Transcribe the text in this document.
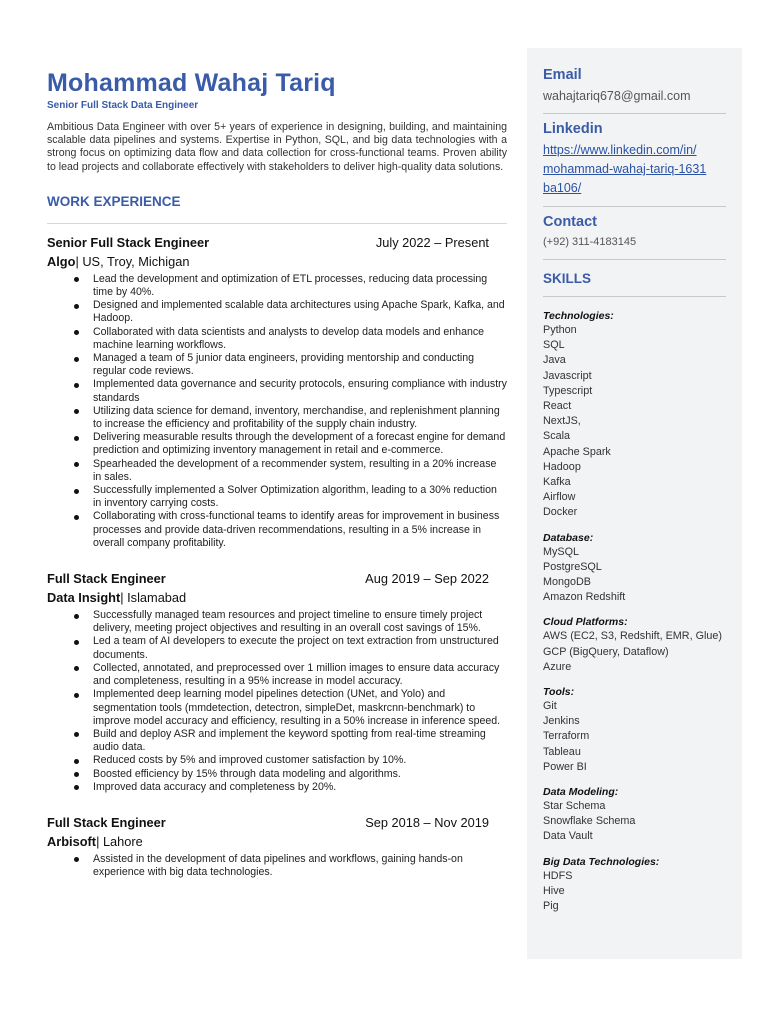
Mohammad Wahaj Tariq
Senior Full Stack Data Engineer
Ambitious Data Engineer with over 5+ years of experience in designing, building, and maintaining scalable data pipelines and systems. Expertise in Python, SQL, and big data technologies with a strong focus on optimizing data flow and data collection for cross-functional teams. Proven ability to lead projects and collaborate effectively with stakeholders to deliver high-quality data solutions.
WORK EXPERIENCE
Senior Full Stack Engineer	July 2022 – Present
Algo| US, Troy, Michigan
Lead the development and optimization of ETL processes, reducing data processing time by 40%.
Designed and implemented scalable data architectures using Apache Spark, Kafka, and Hadoop.
Collaborated with data scientists and analysts to develop data models and enhance machine learning workflows.
Managed a team of 5 junior data engineers, providing mentorship and conducting regular code reviews.
Implemented data governance and security protocols, ensuring compliance with industry standards
Utilizing data science for demand, inventory, merchandise, and replenishment planning to increase the efficiency and profitability of the supply chain industry.
Delivering measurable results through the development of a forecast engine for demand prediction and optimizing inventory management in retail and e-commerce.
Spearheaded the development of a recommender system, resulting in a 20% increase in sales.
Successfully implemented a Solver Optimization algorithm, leading to a 30% reduction in inventory carrying costs.
Collaborating with cross-functional teams to identify areas for improvement in business processes and provide data-driven recommendations, resulting in a 5% increase in overall company profitability.
Full Stack Engineer	Aug 2019 – Sep 2022
Data Insight| Islamabad
Successfully managed team resources and project timeline to ensure timely project delivery, meeting project objectives and resulting in an overall cost savings of 15%.
Led a team of AI developers to execute the project on text extraction from unstructured documents.
Collected, annotated, and preprocessed over 1 million images to ensure data accuracy and completeness, resulting in a 95% increase in model accuracy.
Implemented deep learning model pipelines detection (UNet, and Yolo) and segmentation tools (mmdetection, detectron, simpleDet, maskrcnn-benchmark) to improve model accuracy and efficiency, resulting in a 50% increase in inference speed.
Build and deploy ASR and implement the keyword spotting from real-time streaming audio data.
Reduced costs by 5% and improved customer satisfaction by 10%.
Boosted efficiency by 15% through data modeling and algorithms.
Improved data accuracy and completeness by 20%.
Full Stack Engineer	Sep 2018 – Nov 2019
Arbisoft| Lahore
Assisted in the development of data pipelines and workflows, gaining hands-on experience with big data technologies.
Email
wahajtariq678@gmail.com
Linkedin
https://www.linkedin.com/in/
mohammad-wahaj-tariq-1631
ba106/
Contact
(+92) 311-4183145
SKILLS
Technologies:
Python
SQL
Java
Javascript
Typescript
React
NextJS,
Scala
Apache Spark
Hadoop
Kafka
Airflow
Docker
Database:
MySQL
PostgreSQL
MongoDB
Amazon Redshift
Cloud Platforms:
AWS (EC2, S3, Redshift, EMR, Glue)
GCP (BigQuery, Dataflow)
Azure
Tools:
Git
Jenkins
Terraform
Tableau
Power BI
Data Modeling:
Star Schema
Snowflake Schema
Data Vault
Big Data Technologies:
HDFS
Hive
Pig
